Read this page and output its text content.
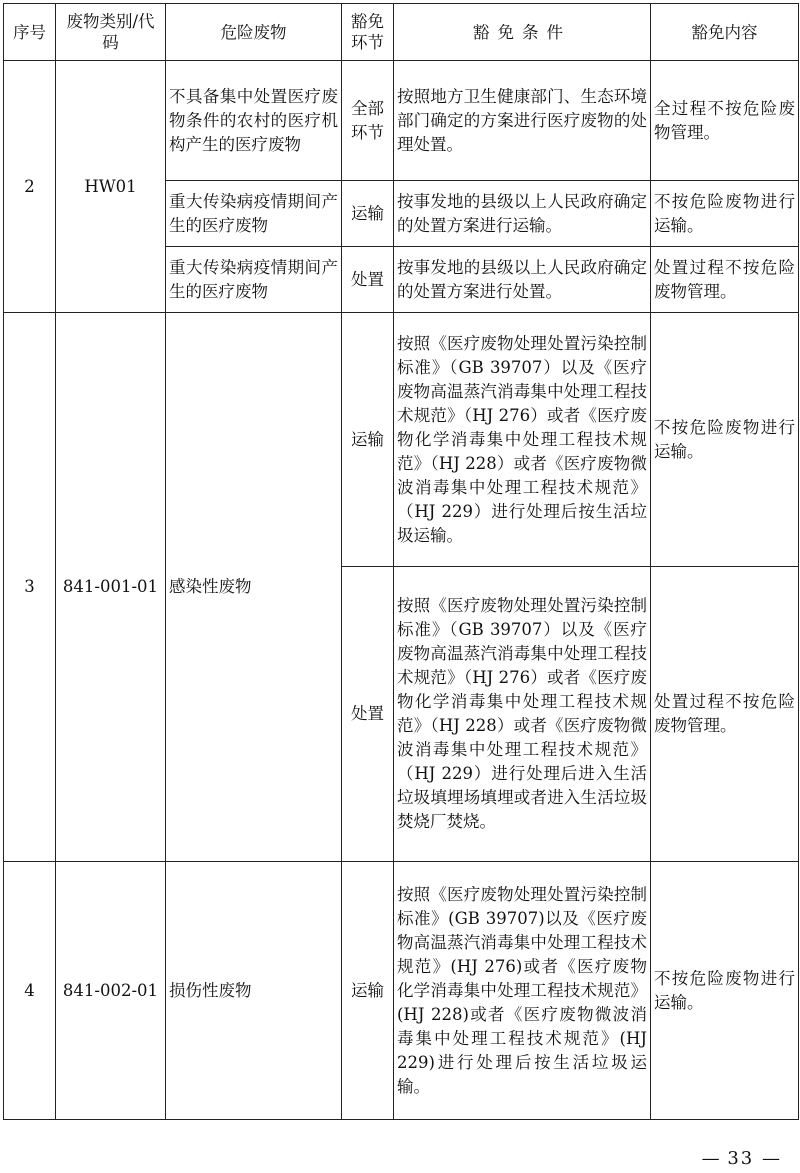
序号	废物类别/代码	危险废物	豁免环节	豁免条件	豁免内容
2	HW01	不具备集中处置医疗废物条件的农村的医疗机构产生的医疗废物	全部环节	按照地方卫生健康部门、生态环境部门确定的方案进行医疗废物的处理处置。	全过程不按危险废物管理。
		重大传染病疫情期间产生的医疗废物	运输	按事发地的县级以上人民政府确定的处置方案进行运输。	不按危险废物进行运输。
		重大传染病疫情期间产生的医疗废物	处置	按事发地的县级以上人民政府确定的处置方案进行处置。	处置过程不按危险废物管理。
3	841-001-01	感染性废物	运输	按照《医疗废物处理处置污染控制标准》（GB 39707）以及《医疗废物高温蒸汽消毒集中处理工程技术规范》（HJ 276）或者《医疗废物化学消毒集中处理工程技术规范》（HJ 228）或者《医疗废物微波消毒集中处理工程技术规范》（HJ 229）进行处理后按生活垃圾运输。	不按危险废物进行运输。
			处置	按照《医疗废物处理处置污染控制标准》（GB 39707）以及《医疗废物高温蒸汽消毒集中处理工程技术规范》（HJ 276）或者《医疗废物化学消毒集中处理工程技术规范》（HJ 228）或者《医疗废物微波消毒集中处理工程技术规范》（HJ 229）进行处理后进入生活垃圾填埋场填埋或者进入生活垃圾焚烧厂焚烧。	处置过程不按危险废物管理。
4	841-002-01	损伤性废物	运输	按照《医疗废物处理处置污染控制标准》(GB 39707)以及《医疗废物高温蒸汽消毒集中处理工程技术规范》(HJ 276)或者《医疗废物化学消毒集中处理工程技术规范》(HJ 228)或者《医疗废物微波消毒集中处理工程技术规范》(HJ 229)进行处理后按生活垃圾运输。	不按危险废物进行运输。
— 33 —
